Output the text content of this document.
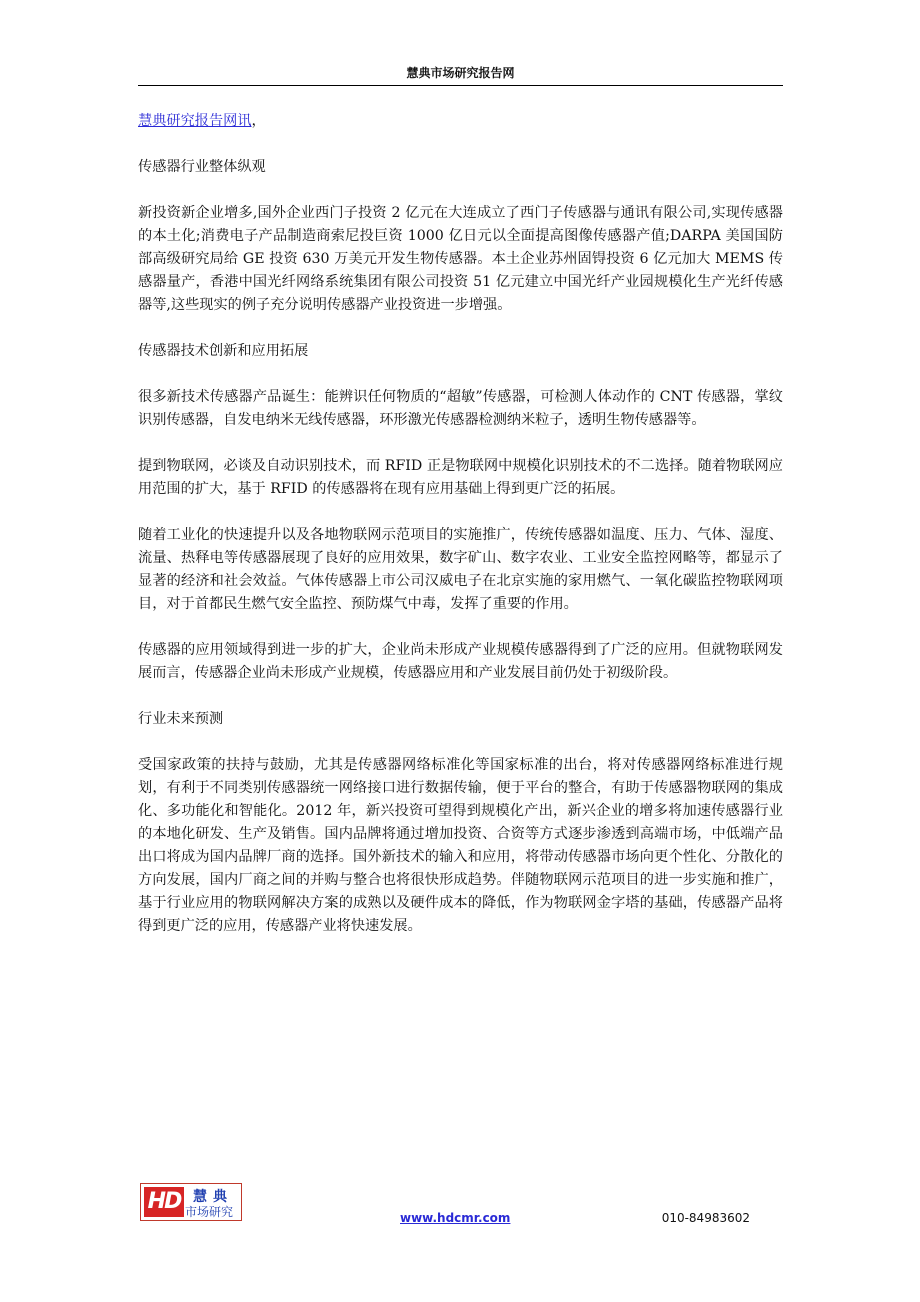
慧典市场研究报告网

慧典研究报告网讯，

传感器行业整体纵观

新投资新企业增多,国外企业西门子投资 2 亿元在大连成立了西门子传感器与通讯有限公司,实现传感器的本土化;消费电子产品制造商索尼投巨资 1000 亿日元以全面提高图像传感器产值;DARPA 美国国防部高级研究局给 GE 投资 630 万美元开发生物传感器。本土企业苏州固锝投资 6 亿元加大 MEMS 传感器量产，香港中国光纤网络系统集团有限公司投资 51 亿元建立中国光纤产业园规模化生产光纤传感器等,这些现实的例子充分说明传感器产业投资进一步增强。

传感器技术创新和应用拓展

很多新技术传感器产品诞生：能辨识任何物质的“超敏”传感器，可检测人体动作的 CNT 传感器，掌纹识别传感器，自发电纳米无线传感器，环形激光传感器检测纳米粒子，透明生物传感器等。

提到物联网，必谈及自动识别技术，而 RFID 正是物联网中规模化识别技术的不二选择。随着物联网应用范围的扩大，基于 RFID 的传感器将在现有应用基础上得到更广泛的拓展。

随着工业化的快速提升以及各地物联网示范项目的实施推广，传统传感器如温度、压力、气体、湿度、流量、热释电等传感器展现了良好的应用效果，数字矿山、数字农业、工业安全监控网略等，都显示了显著的经济和社会效益。气体传感器上市公司汉威电子在北京实施的家用燃气、一氧化碳监控物联网项目，对于首都民生燃气安全监控、预防煤气中毒，发挥了重要的作用。

传感器的应用领域得到进一步的扩大，企业尚未形成产业规模传感器得到了广泛的应用。但就物联网发展而言，传感器企业尚未形成产业规模，传感器应用和产业发展目前仍处于初级阶段。

行业未来预测

受国家政策的扶持与鼓励，尤其是传感器网络标准化等国家标准的出台，将对传感器网络标准进行规划，有利于不同类别传感器统一网络接口进行数据传输，便于平台的整合，有助于传感器物联网的集成化、多功能化和智能化。2012 年，新兴投资可望得到规模化产出，新兴企业的增多将加速传感器行业的本地化研发、生产及销售。国内品牌将通过增加投资、合资等方式逐步渗透到高端市场，中低端产品出口将成为国内品牌厂商的选择。国外新技术的输入和应用，将带动传感器市场向更个性化、分散化的方向发展，国内厂商之间的并购与整合也将很快形成趋势。伴随物联网示范项目的进一步实施和推广，基于行业应用的物联网解决方案的成熟以及硬件成本的降低，作为物联网金字塔的基础，传感器产品将得到更广泛的应用，传感器产业将快速发展。

HD 慧典
市场研究	www.hdcmr.com	010-84983602
